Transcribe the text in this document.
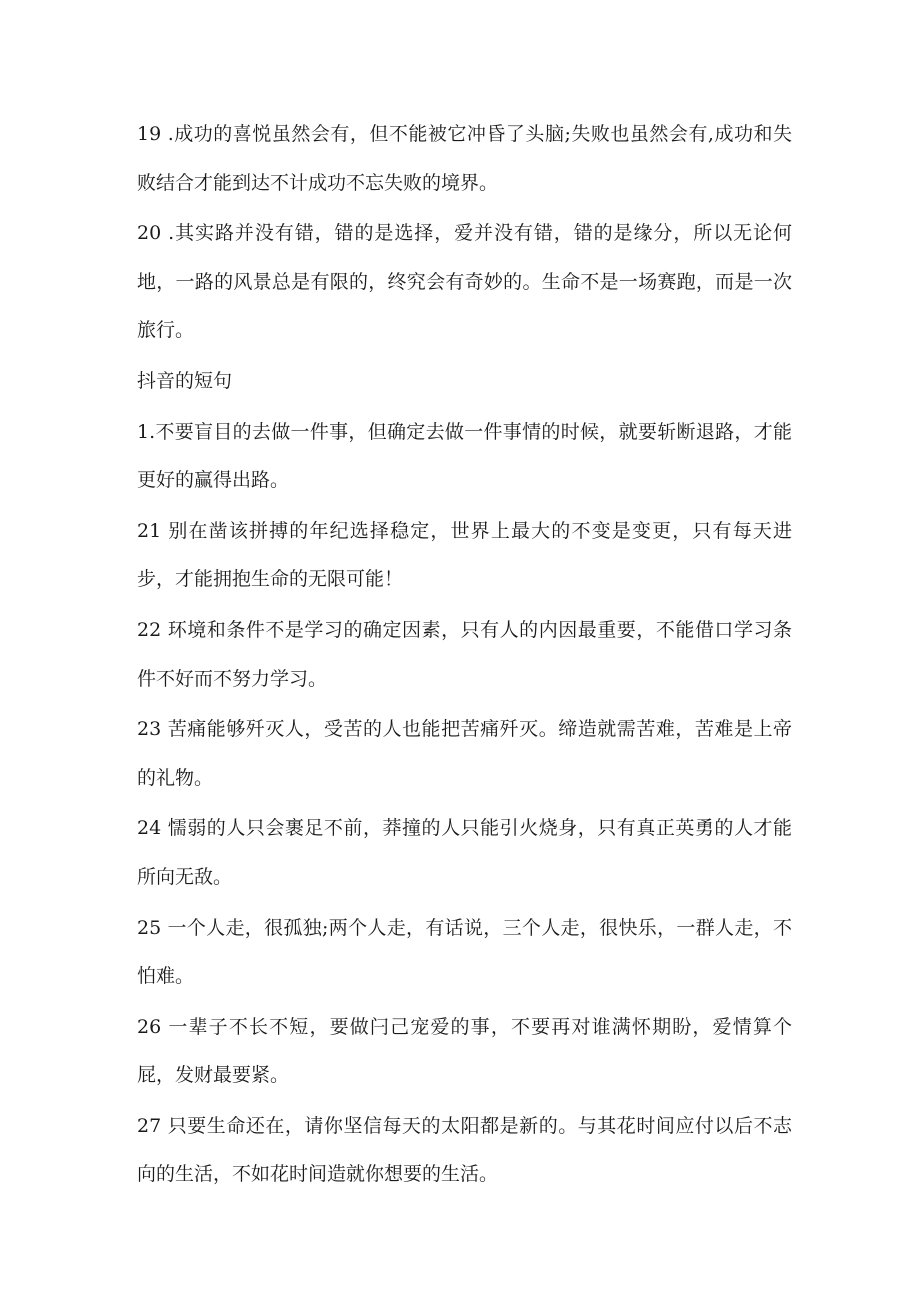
19 .成功的喜悦虽然会有，但不能被它冲昏了头脑;失败也虽然会有,成功和失败结合才能到达不计成功不忘失败的境界。

20 .其实路并没有错，错的是选择，爱并没有错，错的是缘分，所以无论何地，一路的风景总是有限的，终究会有奇妙的。生命不是一场赛跑，而是一次旅行。

抖音的短句

1.不要盲目的去做一件事，但确定去做一件事情的时候，就要斩断退路，才能更好的赢得出路。

21 别在凿该拼搏的年纪选择稳定，世界上最大的不变是变更，只有每天进步，才能拥抱生命的无限可能！

22 环境和条件不是学习的确定因素，只有人的内因最重要，不能借口学习条件不好而不努力学习。

23 苦痛能够歼灭人，受苦的人也能把苦痛歼灭。缔造就需苦难，苦难是上帝的礼物。

24 懦弱的人只会裹足不前，莽撞的人只能引火烧身，只有真正英勇的人才能所向无敌。

25 一个人走，很孤独;两个人走，有话说，三个人走，很快乐，一群人走，不怕难。

26 一辈子不长不短，要做闩己宠爱的事，不要再对谁满怀期盼，爱情算个屁，发财最要紧。

27 只要生命还在，请你坚信每天的太阳都是新的。与其花时间应付以后不志向的生活，不如花时间造就你想要的生活。
